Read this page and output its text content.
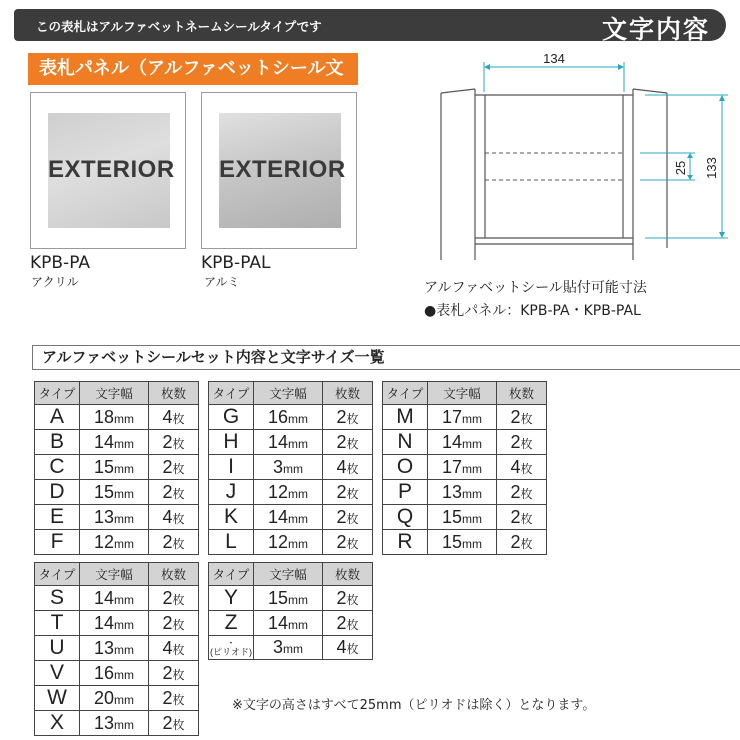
この表札はアルファベットネームシールタイプです	文字内容
表札パネル（アルファベットシール文
EXTERIOR
KPB-PA
アクリル
EXTERIOR
KPB-PAL
アルミ
134
25 133
アルファベットシール貼付可能寸法
●表札パネル：KPB-PA・KPB-PAL
アルファベットシールセット内容と文字サイズ一覧
タイプ	文字幅	枚数
A	18mm	4枚
B	14mm	2枚
C	15mm	2枚
D	15mm	2枚
E	13mm	4枚
F	12mm	2枚
タイプ	文字幅	枚数
G	16mm	2枚
H	14mm	2枚
I	3mm	4枚
J	12mm	2枚
K	14mm	2枚
L	12mm	2枚
タイプ	文字幅	枚数
M	17mm	2枚
N	14mm	2枚
O	17mm	4枚
P	13mm	2枚
Q	15mm	2枚
R	15mm	2枚
タイプ	文字幅	枚数
S	14mm	2枚
T	14mm	2枚
U	13mm	4枚
V	16mm	2枚
W	20mm	2枚
X	13mm	2枚
タイプ	文字幅	枚数
Y	15mm	2枚
Z	14mm	2枚

・
(ピリオド)	3mm	4枚
※文字の高さはすべて25mm（ピリオドは除く）となります。
